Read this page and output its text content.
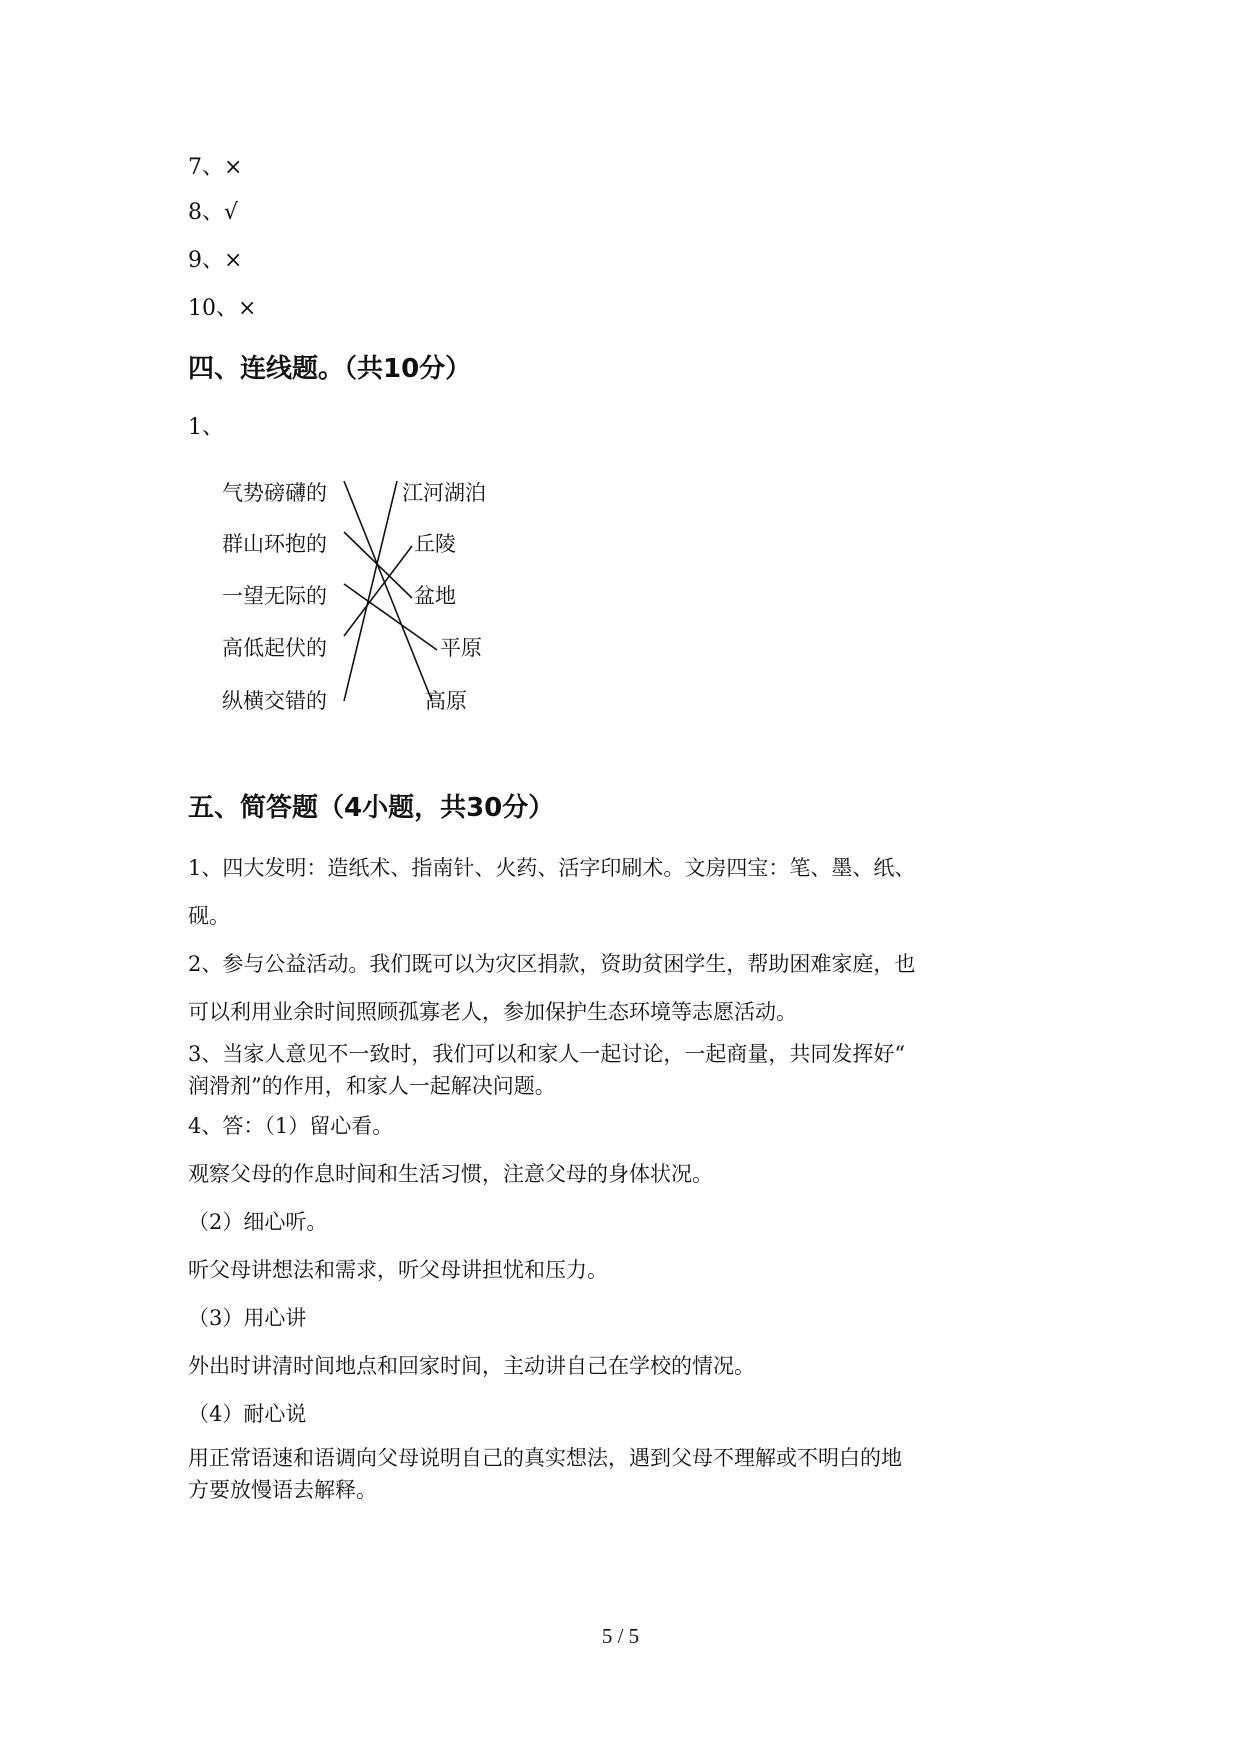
7、×
8、√
9、×
10、×
四、连线题。（共10分）
1、
气势磅礴的
群山环抱的
一望无际的
高低起伏的
纵横交错的
江河湖泊
丘陵
盆地
平原
高原
五、简答题（4小题，共30分）
1、四大发明：造纸术、指南针、火药、活字印刷术。文房四宝：笔、墨、纸、
砚。
2、参与公益活动。我们既可以为灾区捐款，资助贫困学生，帮助困难家庭，也
可以利用业余时间照顾孤寡老人，参加保护生态环境等志愿活动。
3、当家人意见不一致时，我们可以和家人一起讨论，一起商量，共同发挥好“
润滑剂”的作用，和家人一起解决问题。
4、答：（1）留心看。
观察父母的作息时间和生活习惯，注意父母的身体状况。
（2）细心听。
听父母讲想法和需求，听父母讲担忧和压力。
（3）用心讲
外出时讲清时间地点和回家时间，主动讲自己在学校的情况。
（4）耐心说
用正常语速和语调向父母说明自己的真实想法，遇到父母不理解或不明白的地
方要放慢语去解释。
5 / 5
